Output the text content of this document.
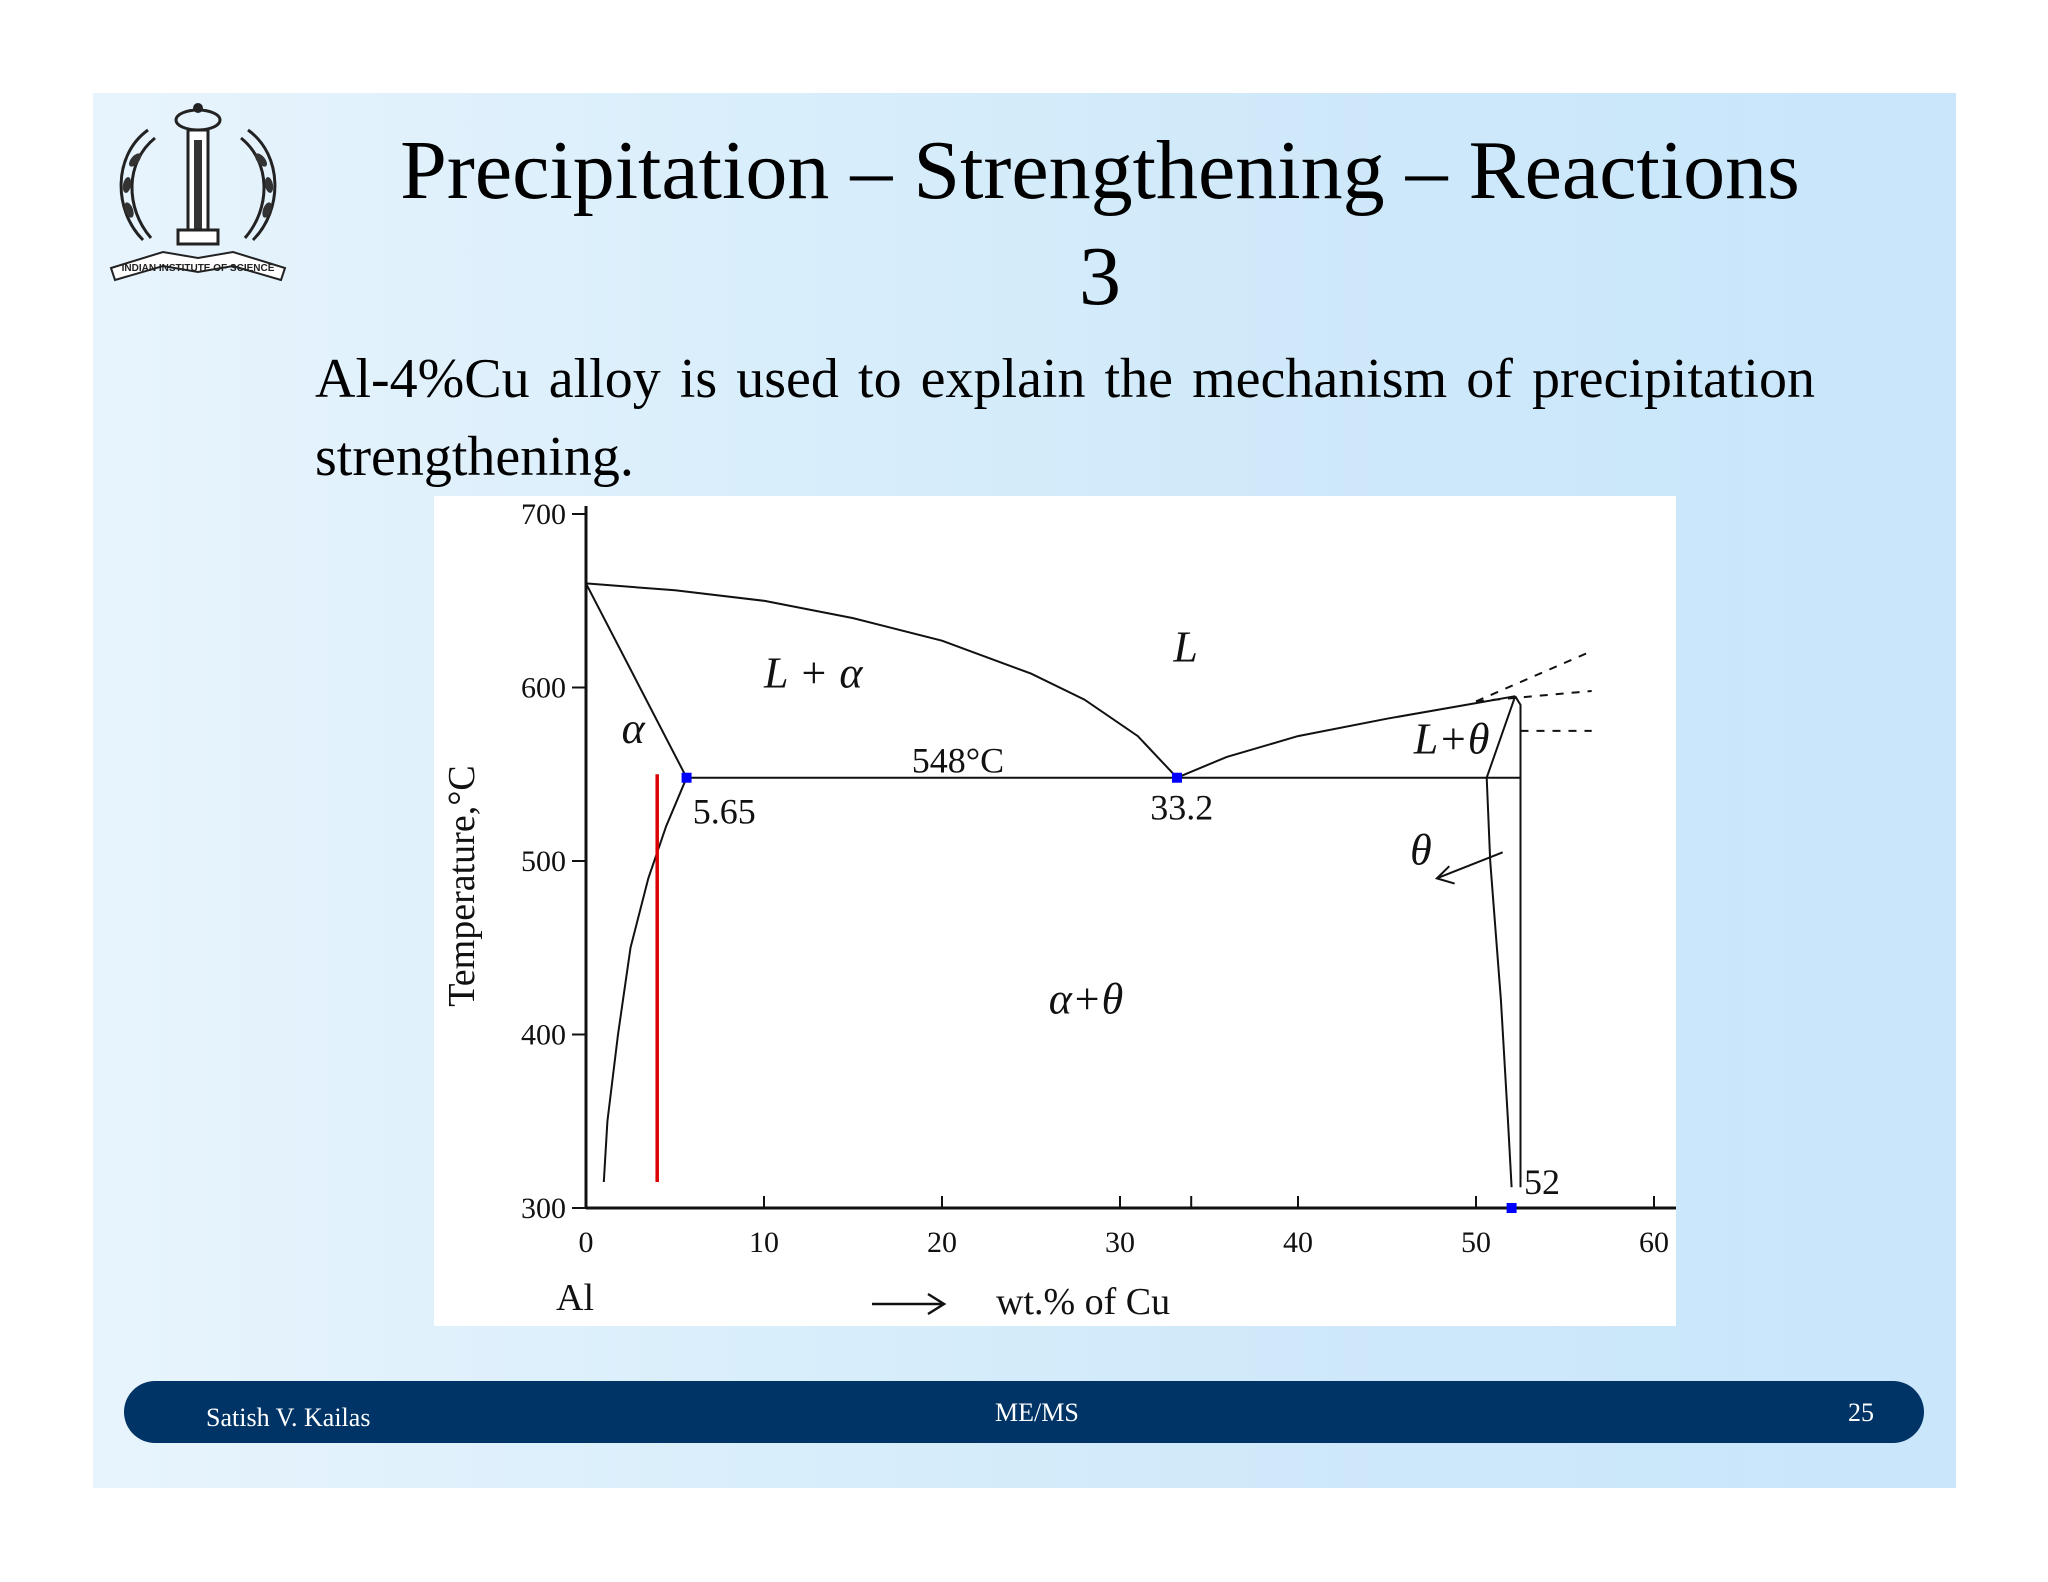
INDIAN INSTITUTE OF SCIENCE
Precipitation – Strengthening – Reactions
3
Al-4%Cu alloy is used to explain the mechanism of precipitation strengthening.
300
400
500
600
700
0	10	20	30	40	50	60
Al	wt.% of Cu
Temperature,°C
L
L + α
α	L+θ
θ
α+θ
548°C
5.65	33.2
52
Satish V. Kailas	ME/MS	25
